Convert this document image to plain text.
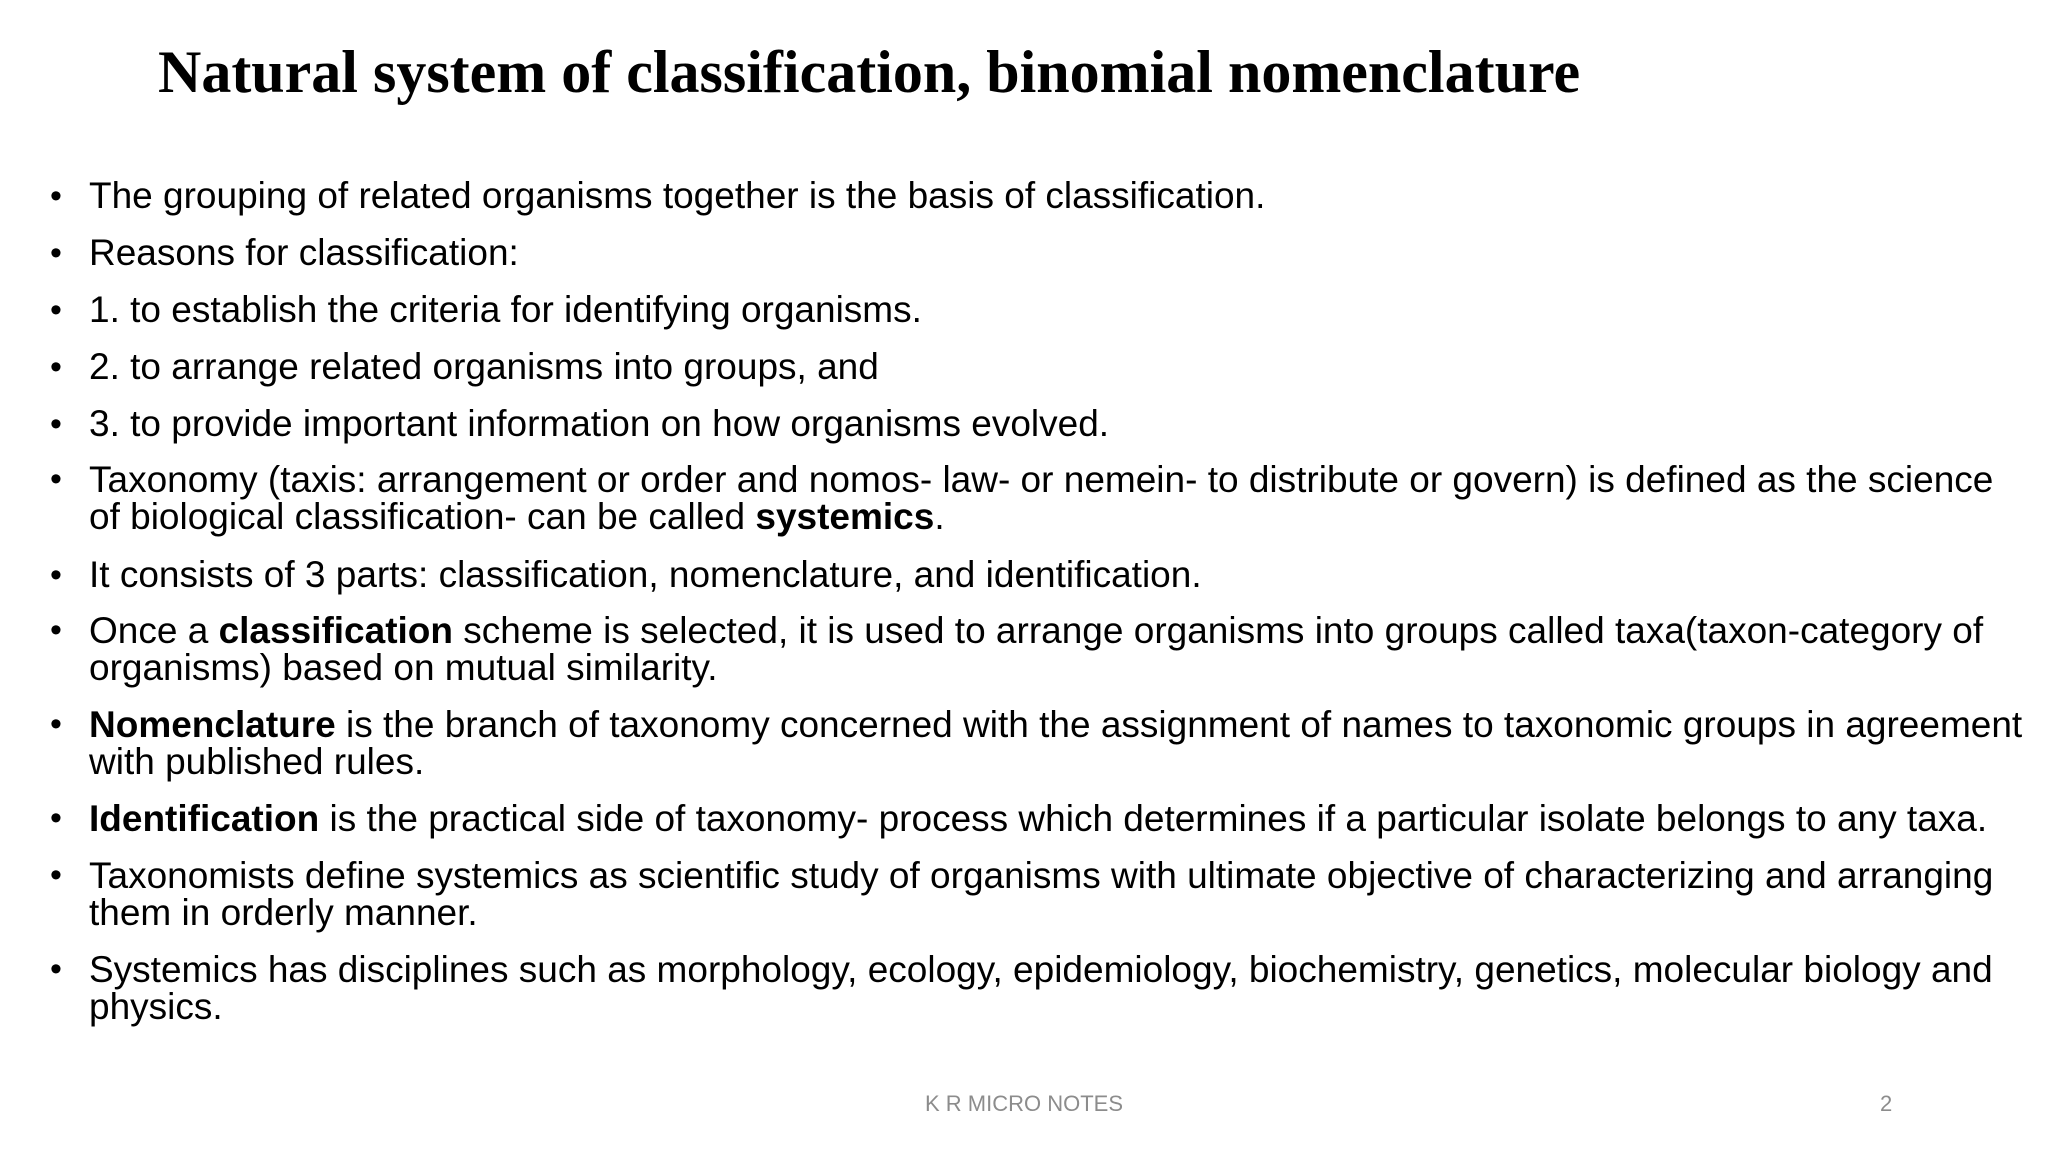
Natural system of classification, binomial nomenclature
• The grouping of related organisms together is the basis of classification.
• Reasons for classification:
• 1. to establish the criteria for identifying organisms.
• 2. to arrange related organisms into groups, and
• 3. to provide important information on how organisms evolved.
• Taxonomy (taxis: arrangement or order and nomos- law- or nemein- to distribute or govern) is defined as the science of biological classification- can be called systemics.
• It consists of 3 parts: classification, nomenclature, and identification.
• Once a classification scheme is selected, it is used to arrange organisms into groups called taxa(taxon-category of organisms) based on mutual similarity.
• Nomenclature is the branch of taxonomy concerned with the assignment of names to taxonomic groups in agreement with published rules.
• Identification is the practical side of taxonomy- process which determines if a particular isolate belongs to any taxa.
• Taxonomists define systemics as scientific study of organisms with ultimate objective of characterizing and arranging them in orderly manner.
• Systemics has disciplines such as morphology, ecology, epidemiology, biochemistry, genetics, molecular biology and physics.

K R MICRO NOTES	2
